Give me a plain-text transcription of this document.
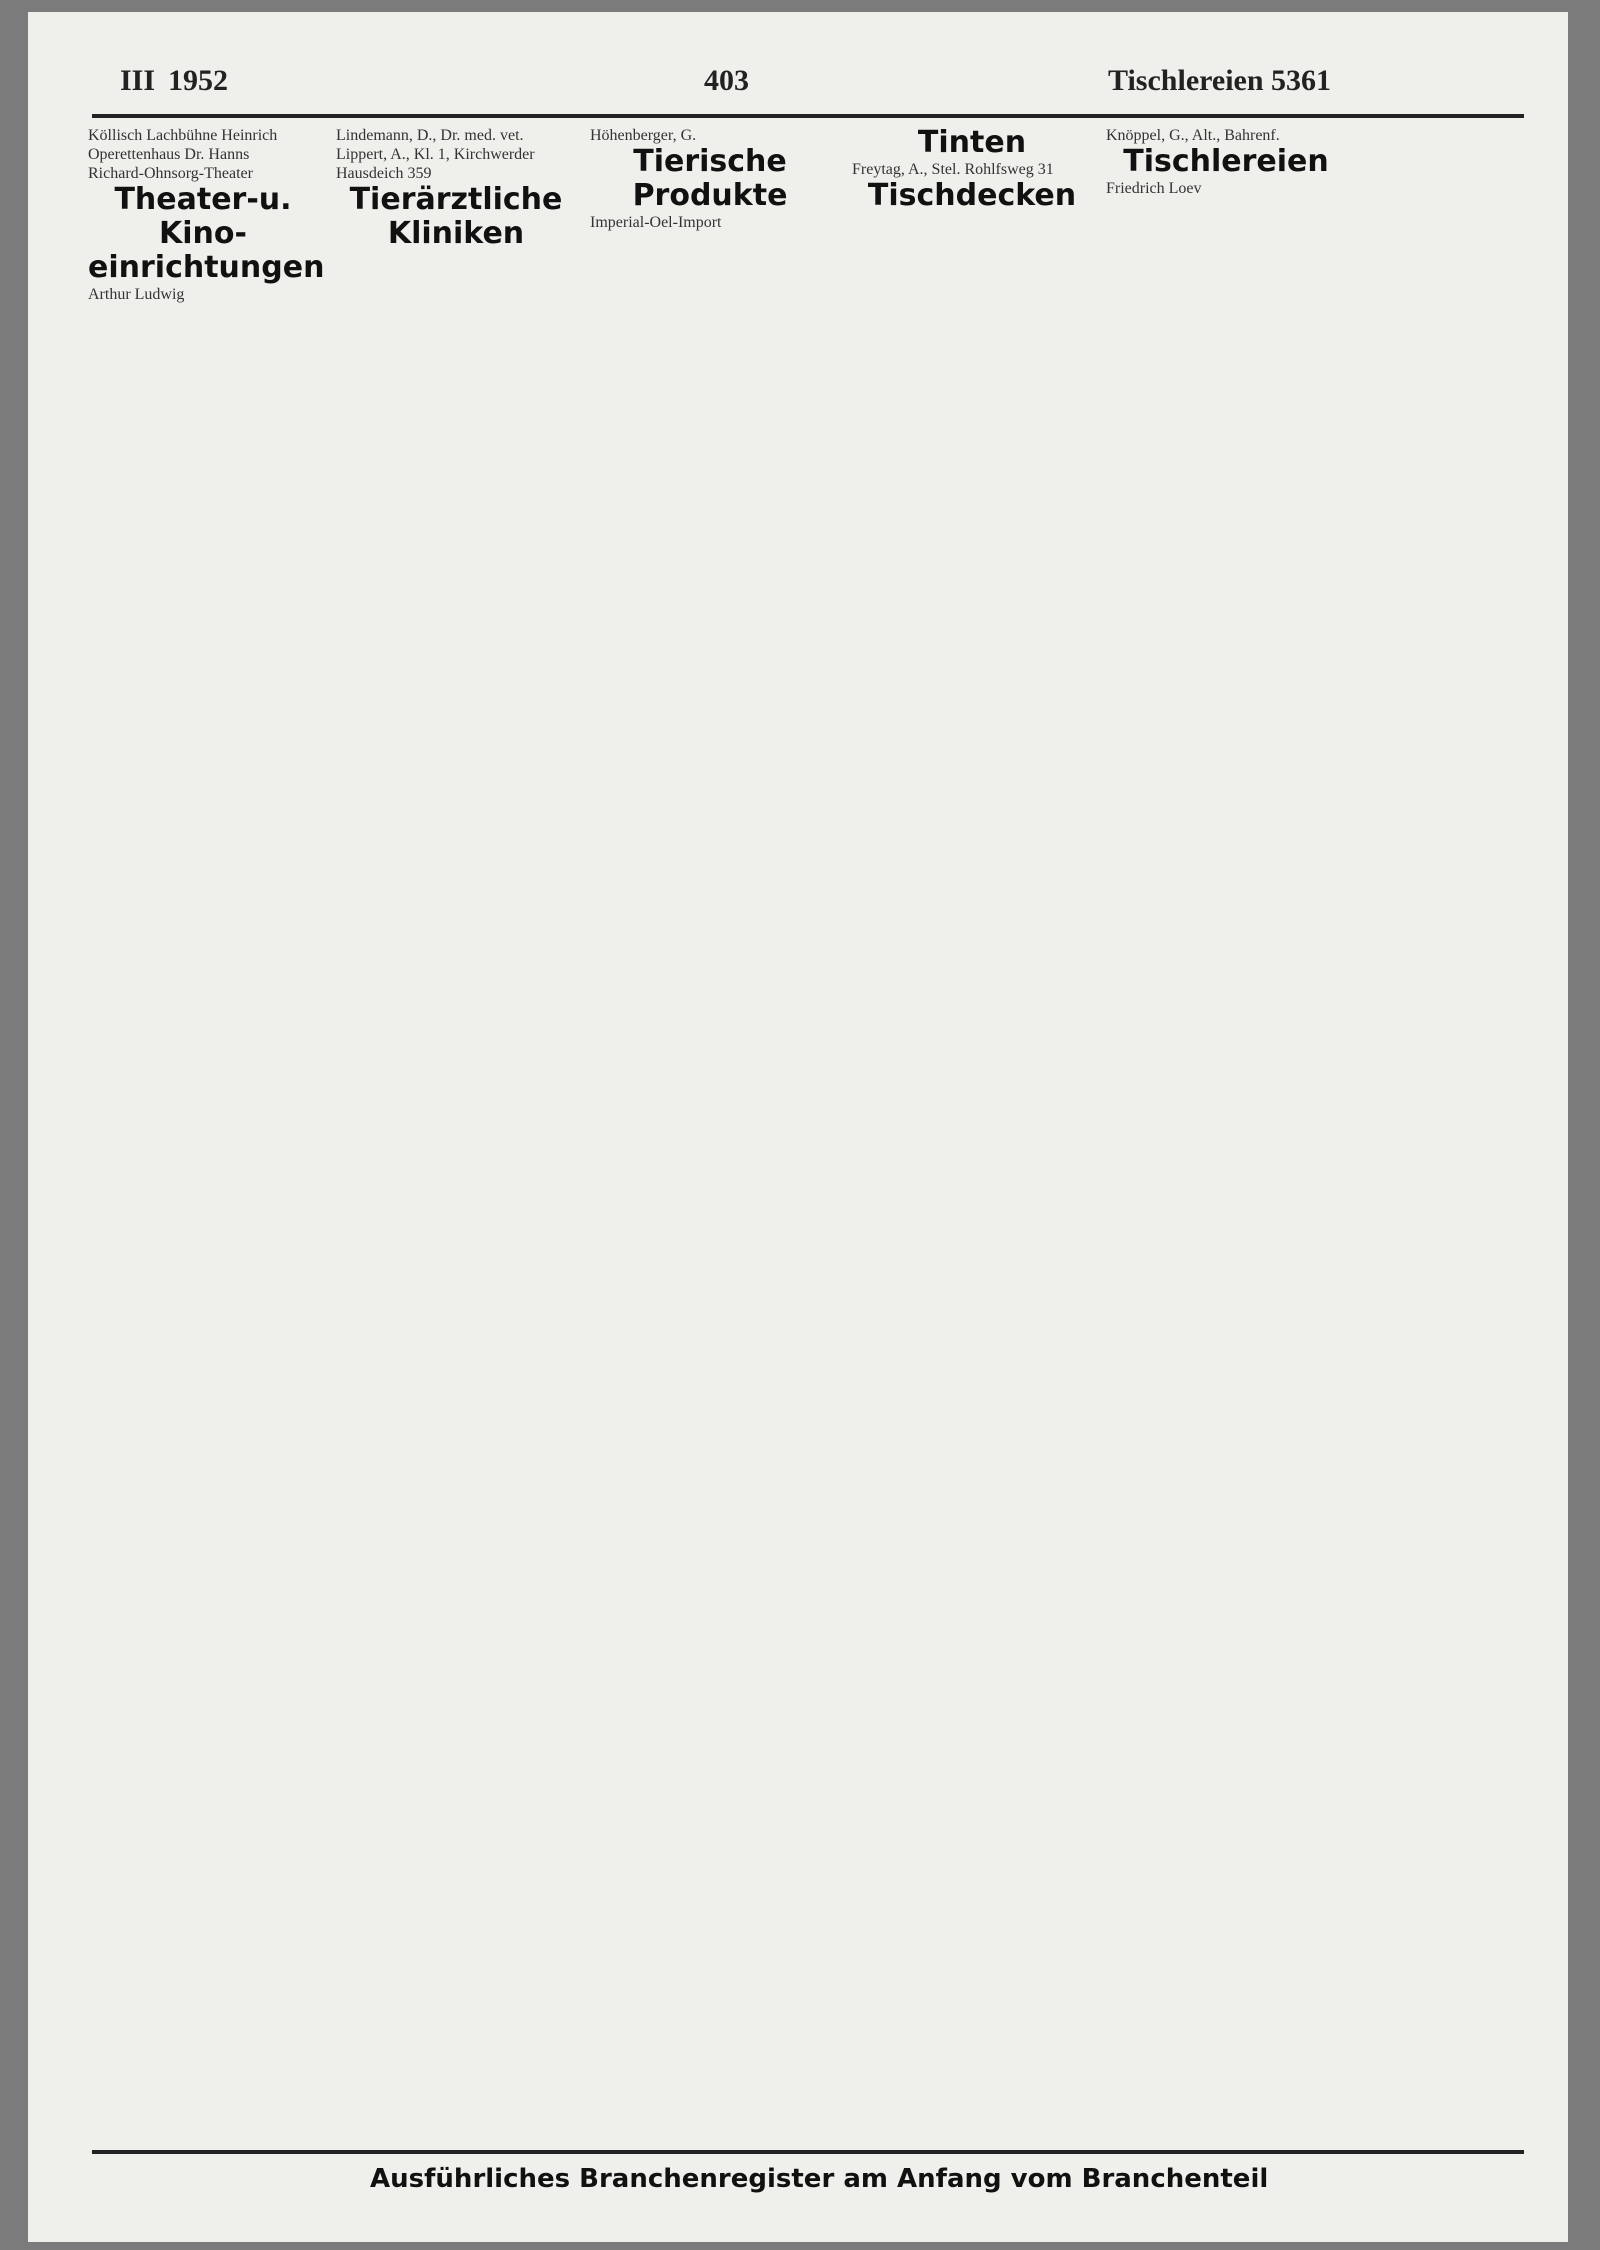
III 1952	403	Tischlereien 5361

Köllisch Lachbühne Heinrich

Operettenhaus Dr. Hanns

Richard-Ohnsorg-Theater

Theater-u. Kino-einrichtungen

Arthur Ludwig

Lindemann, D., Dr. med. vet.

Lippert, A., Kl. 1, Kirchwerder Hausdeich 359

Tierärztliche Kliniken

Höhenberger, G.

Tierische Produkte

Imperial-Oel-Import

Tinten

Freytag, A., Stel. Rohlfsweg 31

Tischdecken

Knöppel, G., Alt., Bahrenf.

Tischlereien

Friedrich Loev

Ausführliches Branchenregister am Anfang vom Branchenteil
